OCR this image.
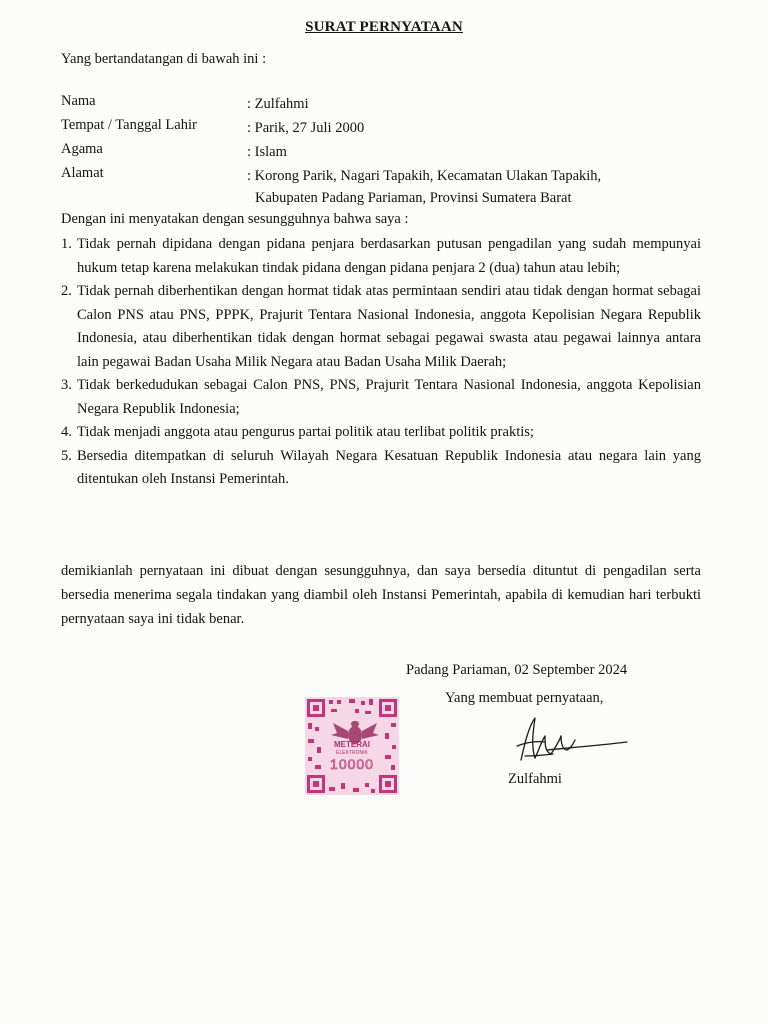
SURAT PERNYATAAN
Yang bertandatangan di bawah ini :
Nama	: Zulfahmi
Tempat / Tanggal Lahir	: Parik, 27 Juli 2000
Agama	: Islam
Alamat	: Korong Parik, Nagari Tapakih, Kecamatan Ulakan Tapakih,
Kabupaten Padang Pariaman, Provinsi Sumatera Barat
Dengan ini menyatakan dengan sesungguhnya bahwa saya :
1. Tidak pernah dipidana dengan pidana penjara berdasarkan putusan pengadilan yang sudah mempunyai hukum tetap karena melakukan tindak pidana dengan pidana penjara 2 (dua) tahun atau lebih;
2. Tidak pernah diberhentikan dengan hormat tidak atas permintaan sendiri atau tidak dengan hormat sebagai Calon PNS atau PNS, PPPK, Prajurit Tentara Nasional Indonesia, anggota Kepolisian Negara Republik Indonesia, atau diberhentikan tidak dengan hormat sebagai pegawai swasta atau pegawai lainnya antara lain pegawai Badan Usaha Milik Negara atau Badan Usaha Milik Daerah;
3. Tidak berkedudukan sebagai Calon PNS, PNS, Prajurit Tentara Nasional Indonesia, anggota Kepolisian Negara Republik Indonesia;
4. Tidak menjadi anggota atau pengurus partai politik atau terlibat politik praktis;
5. Bersedia ditempatkan di seluruh Wilayah Negara Kesatuan Republik Indonesia atau negara lain yang ditentukan oleh Instansi Pemerintah.
demikianlah pernyataan ini dibuat dengan sesungguhnya, dan saya bersedia dituntut di pengadilan serta bersedia menerima segala tindakan yang diambil oleh Instansi Pemerintah, apabila di kemudian hari terbukti pernyataan saya ini tidak benar.
Padang Pariaman, 02 September 2024
Yang membuat pernyataan,
METERAI
ELEKTRONIK
10000
Zulfahmi
